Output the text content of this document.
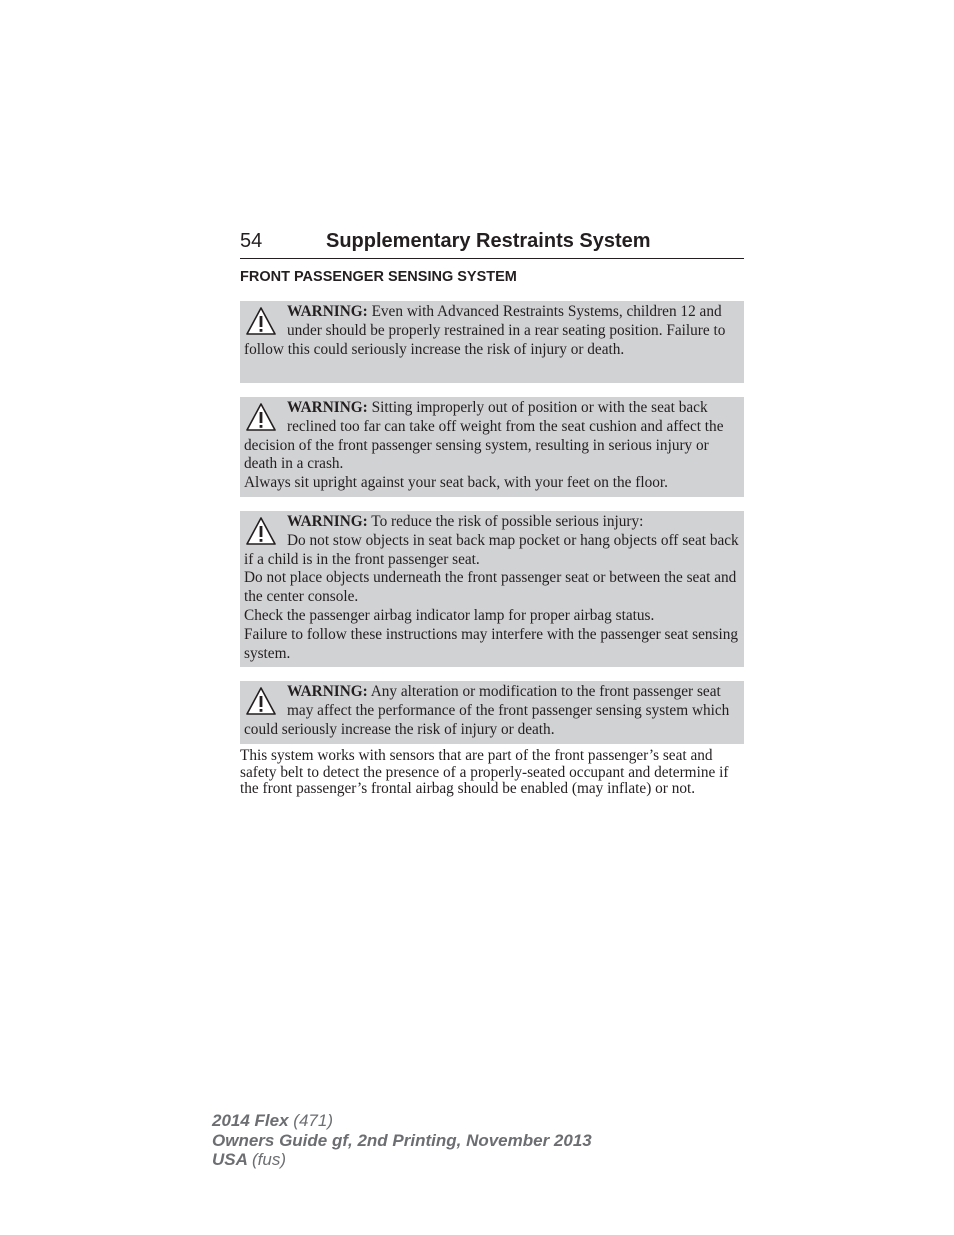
54	Supplementary Restraints System
FRONT PASSENGER SENSING SYSTEM

WARNING: Even with Advanced Restraints Systems, children 12 and under should be properly restrained in a rear seating position. Failure to follow this could seriously increase the risk of injury or death.

WARNING: Sitting improperly out of position or with the seat back reclined too far can take off weight from the seat cushion and affect the decision of the front passenger sensing system, resulting in serious injury or death in a crash.

Always sit upright against your seat back, with your feet on the floor.

WARNING: To reduce the risk of possible serious injury:

Do not stow objects in seat back map pocket or hang objects off seat back if a child is in the front passenger seat.

Do not place objects underneath the front passenger seat or between the seat and the center console.

Check the passenger airbag indicator lamp for proper airbag status.

Failure to follow these instructions may interfere with the passenger seat sensing system.

WARNING: Any alteration or modification to the front passenger seat may affect the performance of the front passenger sensing system which could seriously increase the risk of injury or death.

This system works with sensors that are part of the front passenger’s seat and safety belt to detect the presence of a properly-seated occupant and determine if the front passenger’s frontal airbag should be enabled (may inflate) or not.
2014 Flex (471)
Owners Guide gf, 2nd Printing, November 2013
USA (fus)
